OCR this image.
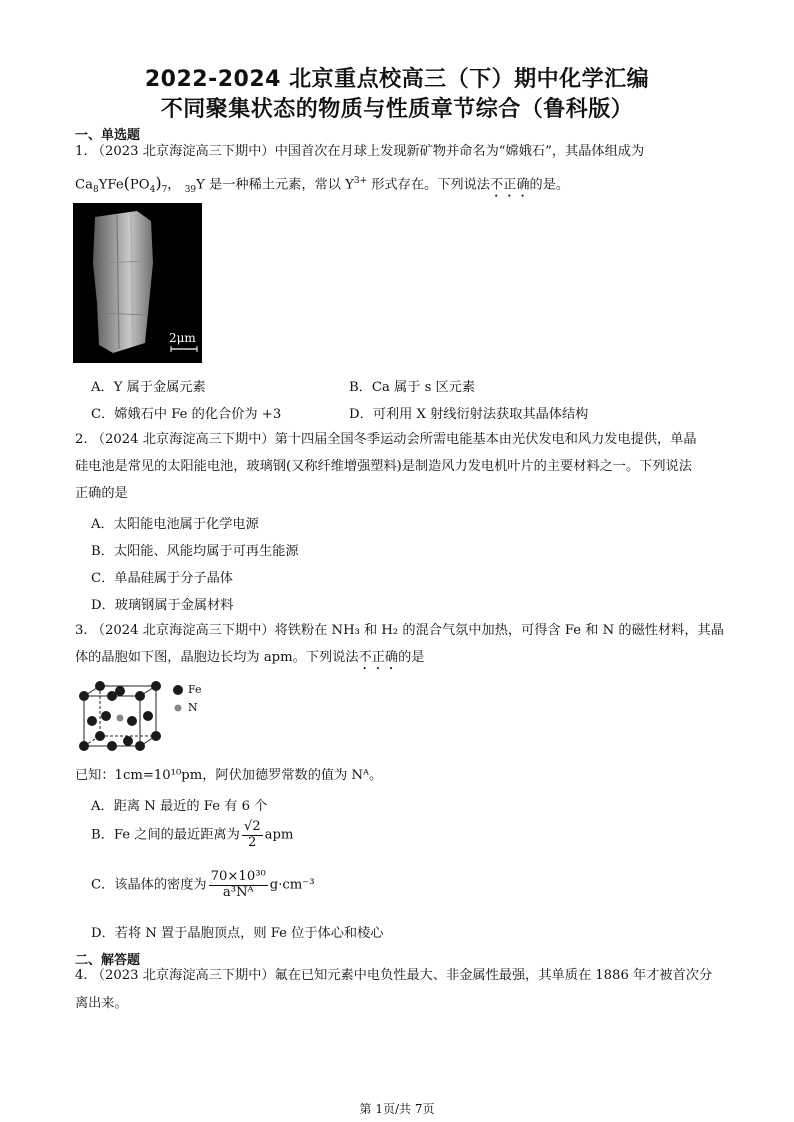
2022-2024 北京重点校高三（下）期中化学汇编
不同聚集状态的物质与性质章节综合（鲁科版）
一、单选题
1. （2023 北京海淀高三下期中）中国首次在月球上发现新矿物并命名为“嫦娥石”，其晶体组成为
$Ca_8YFe(PO_4)_7$， $_{39}$Y 是一种稀土元素，常以 $Y^{3+}$ 形式存在。下列说法不正确的是。
2μm
A．Y 属于金属元素	B．Ca 属于 s 区元素
C．嫦娥石中 Fe 的化合价为 +3	D．可利用 X 射线衍射法获取其晶体结构
2. （2024 北京海淀高三下期中）第十四届全国冬季运动会所需电能基本由光伏发电和风力发电提供，单晶
硅电池是常见的太阳能电池，玻璃钢(又称纤维增强塑料)是制造风力发电机叶片的主要材料之一。下列说法
正确的是
A．太阳能电池属于化学电源
B．太阳能、风能均属于可再生能源
C．单晶硅属于分子晶体
D．玻璃钢属于金属材料
3. （2024 北京海淀高三下期中）将铁粉在 NH₃ 和 H₂ 的混合气氛中加热，可得含 Fe 和 N 的磁性材料，其晶
体的晶胞如下图，晶胞边长均为 apm。下列说法不正确的是
Fe
N
已知：1cm=10¹⁰pm，阿伏加德罗常数的值为 Nᴬ。
A．距离 N 最近的 Fe 有 6 个
B．Fe 之间的最近距离为 $\frac{√2}{2}$ apm
C．该晶体的密度为 $\frac{\text{70×10³⁰}}{\text{a³Nᴬ}} g\cdot cm^{-3}$
D．若将 N 置于晶胞顶点，则 Fe 位于体心和棱心
二、解答题
4. （2023 北京海淀高三下期中）氟在已知元素中电负性最大、非金属性最强，其单质在 1886 年才被首次分
离出来。
第 1页/共 7页
